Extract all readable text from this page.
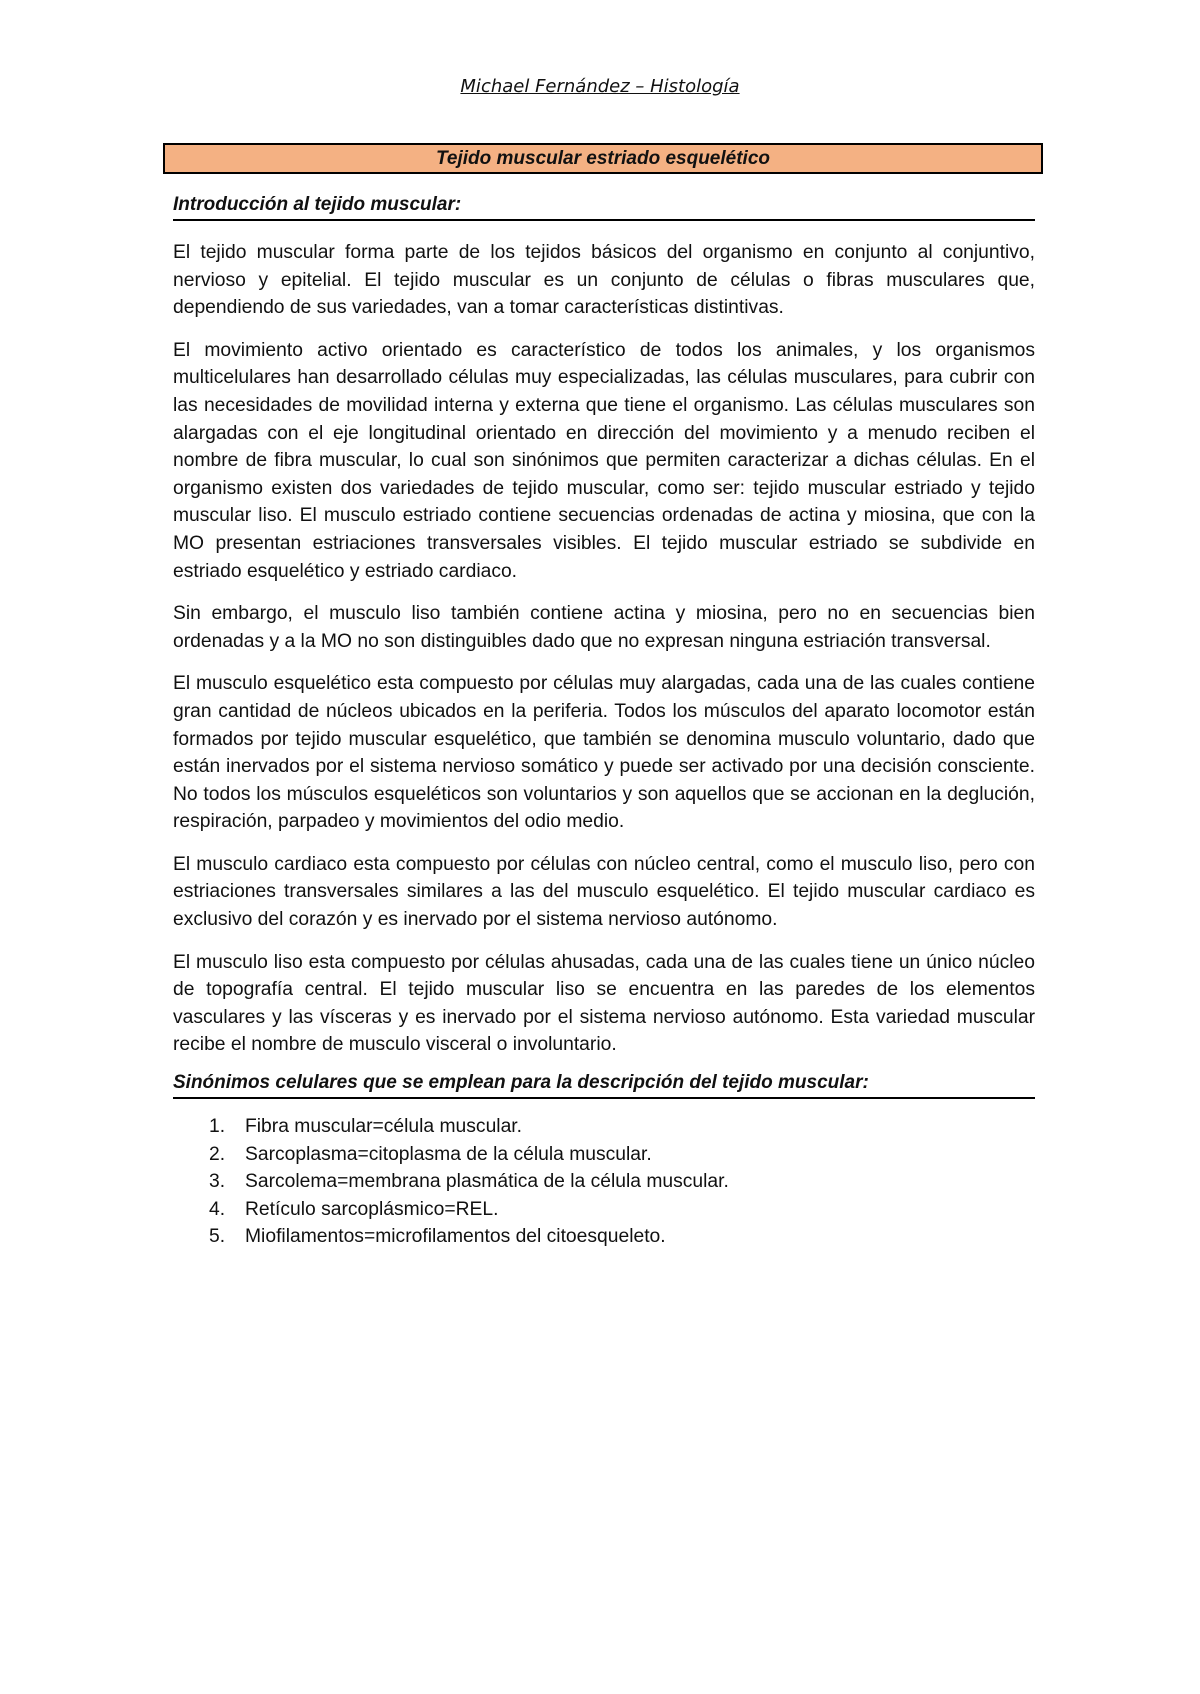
Michael Fernández – Histología
Tejido muscular estriado esquelético
Introducción al tejido muscular:

El tejido muscular forma parte de los tejidos básicos del organismo en conjunto al conjuntivo, nervioso y epitelial. El tejido muscular es un conjunto de células o fibras musculares que, dependiendo de sus variedades, van a tomar características distintivas.

El movimiento activo orientado es característico de todos los animales, y los organismos multicelulares han desarrollado células muy especializadas, las células musculares, para cubrir con las necesidades de movilidad interna y externa que tiene el organismo. Las células musculares son alargadas con el eje longitudinal orientado en dirección del movimiento y a menudo reciben el nombre de fibra muscular, lo cual son sinónimos que permiten caracterizar a dichas células. En el organismo existen dos variedades de tejido muscular, como ser: tejido muscular estriado y tejido muscular liso. El musculo estriado contiene secuencias ordenadas de actina y miosina, que con la MO presentan estriaciones transversales visibles. El tejido muscular estriado se subdivide en estriado esquelético y estriado cardiaco.

Sin embargo, el musculo liso también contiene actina y miosina, pero no en secuencias bien ordenadas y a la MO no son distinguibles dado que no expresan ninguna estriación transversal.

El musculo esquelético esta compuesto por células muy alargadas, cada una de las cuales contiene gran cantidad de núcleos ubicados en la periferia. Todos los músculos del aparato locomotor están formados por tejido muscular esquelético, que también se denomina musculo voluntario, dado que están inervados por el sistema nervioso somático y puede ser activado por una decisión consciente. No todos los músculos esqueléticos son voluntarios y son aquellos que se accionan en la deglución, respiración, parpadeo y movimientos del odio medio.

El musculo cardiaco esta compuesto por células con núcleo central, como el musculo liso, pero con estriaciones transversales similares a las del musculo esquelético. El tejido muscular cardiaco es exclusivo del corazón y es inervado por el sistema nervioso autónomo.

El musculo liso esta compuesto por células ahusadas, cada una de las cuales tiene un único núcleo de topografía central. El tejido muscular liso se encuentra en las paredes de los elementos vasculares y las vísceras y es inervado por el sistema nervioso autónomo. Esta variedad muscular recibe el nombre de musculo visceral o involuntario.

Sinónimos celulares que se emplean para la descripción del tejido muscular:
1.	Fibra muscular=célula muscular.
2.	Sarcoplasma=citoplasma de la célula muscular.
3.	Sarcolema=membrana plasmática de la célula muscular.
4.	Retículo sarcoplásmico=REL.
5.	Miofilamentos=microfilamentos del citoesqueleto.
